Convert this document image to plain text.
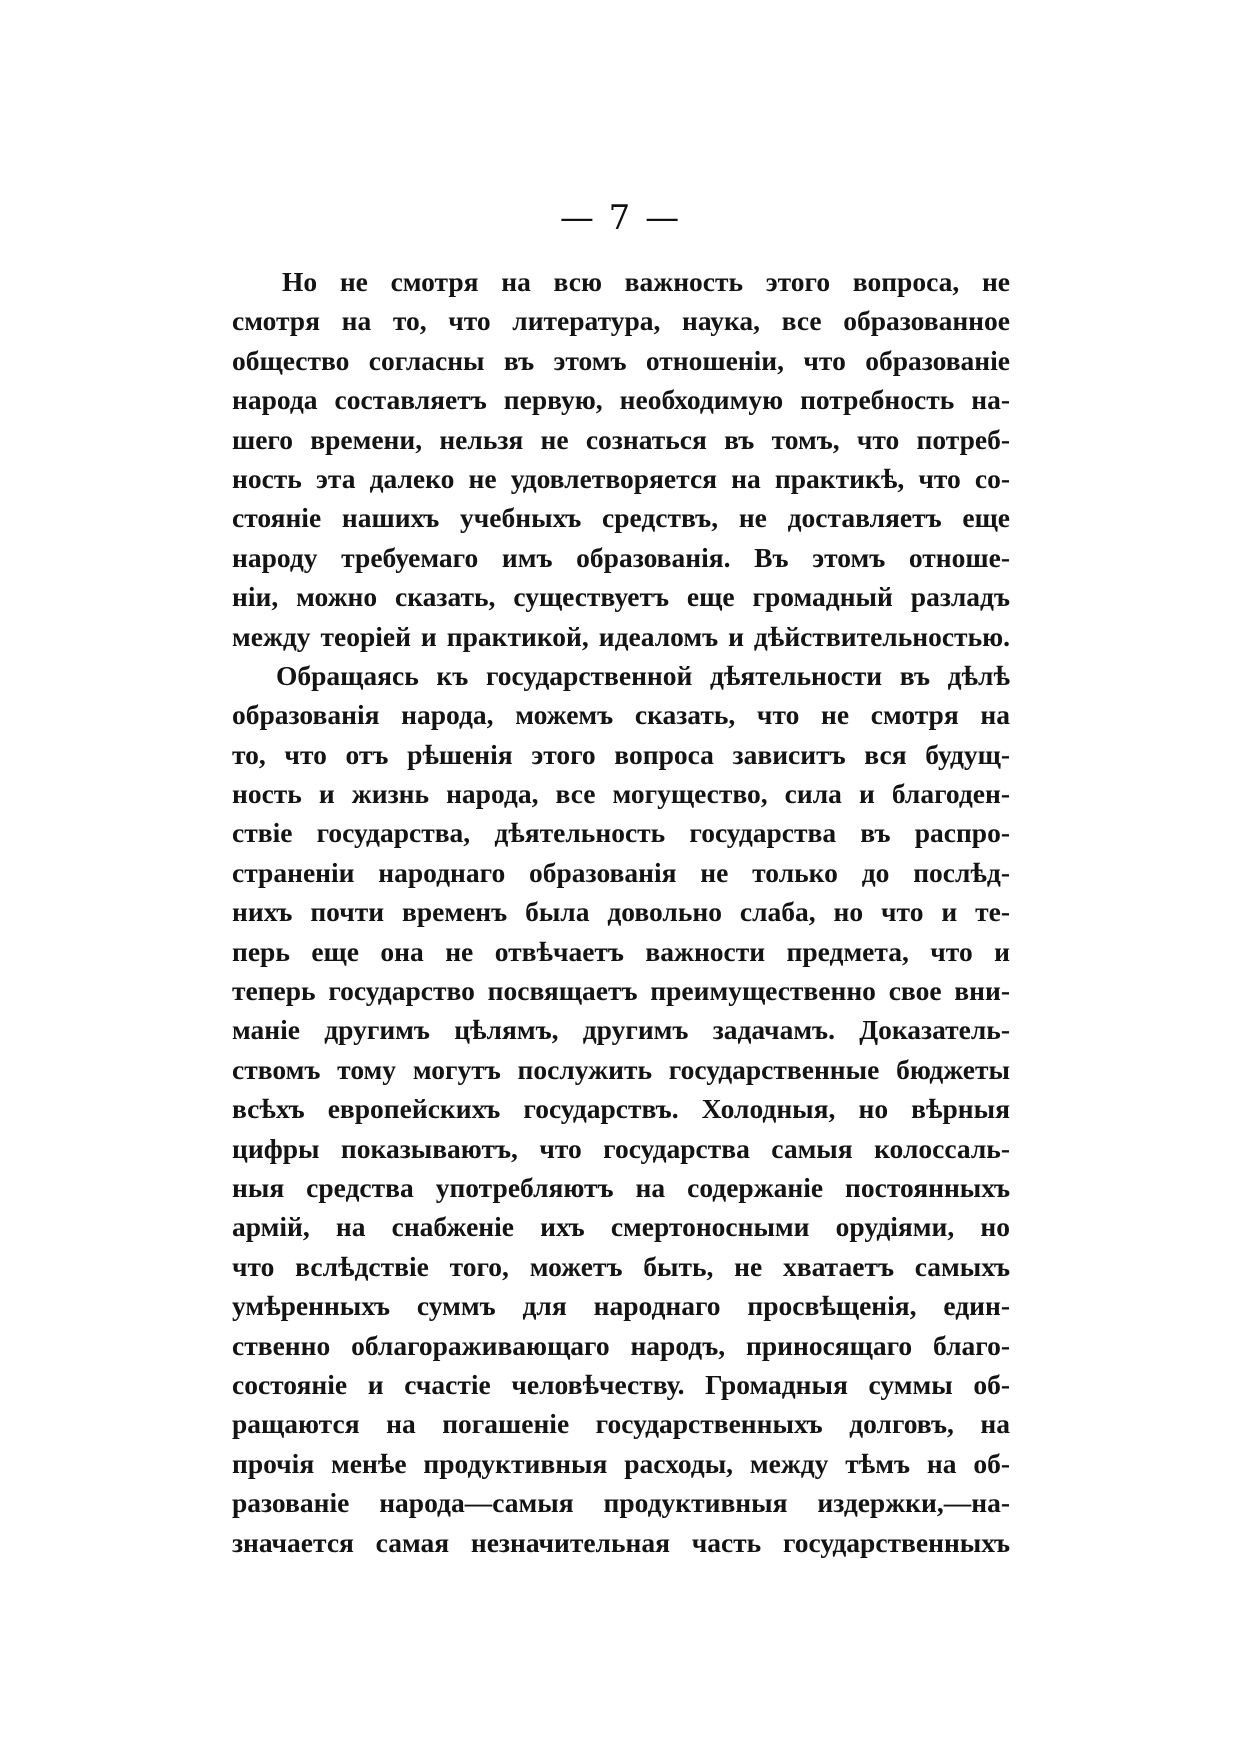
— 7 —
Но не смотря на всю важность этого вопроса, не
смотря на то, что литература, наука, все образованное
общество согласны въ этомъ отношеніи, что образованіе
народа составляетъ первую, необходимую потребность на-
шего времени, нельзя не сознаться въ томъ, что потреб-
ность эта далеко не удовлетворяется на практикѣ, что со-
стояніе нашихъ учебныхъ средствъ, не доставляетъ еще
народу требуемаго имъ образованія. Въ этомъ отноше-
ніи, можно сказать, существуетъ еще громадный разладъ
между теоріей и практикой, идеаломъ и дѣйствительностью.
Обращаясь къ государственной дѣятельности въ дѣлѣ
образованія народа, можемъ сказать, что не смотря на
то, что отъ рѣшенія этого вопроса зависитъ вся будущ-
ность и жизнь народа, все могущество, сила и благоден-
ствіе государства, дѣятельность государства въ распро-
страненіи народнаго образованія не только до послѣд-
нихъ почти временъ была довольно слаба, но что и те-
перь еще она не отвѣчаетъ важности предмета, что и
теперь государство посвящаетъ преимущественно свое вни-
маніе другимъ цѣлямъ, другимъ задачамъ. Доказатель-
ствомъ тому могутъ послужить государственные бюджеты
всѣхъ европейскихъ государствъ. Холодныя, но вѣрныя
цифры показываютъ, что государства самыя колоссаль-
ныя средства употребляютъ на содержаніе постоянныхъ
армій, на снабженіе ихъ смертоносными орудіями, но
что вслѣдствіе того, можетъ быть, не хватаетъ самыхъ
умѣренныхъ суммъ для народнаго просвѣщенія, един-
ственно облагораживающаго народъ, приносящаго благо-
состояніе и счастіе человѣчеству. Громадныя суммы об-
ращаются на погашеніе государственныхъ долговъ, на
прочія менѣе продуктивныя расходы, между тѣмъ на об-
разованіе народа—самыя продуктивныя издержки,—на-
значается самая незначительная часть государственныхъ
